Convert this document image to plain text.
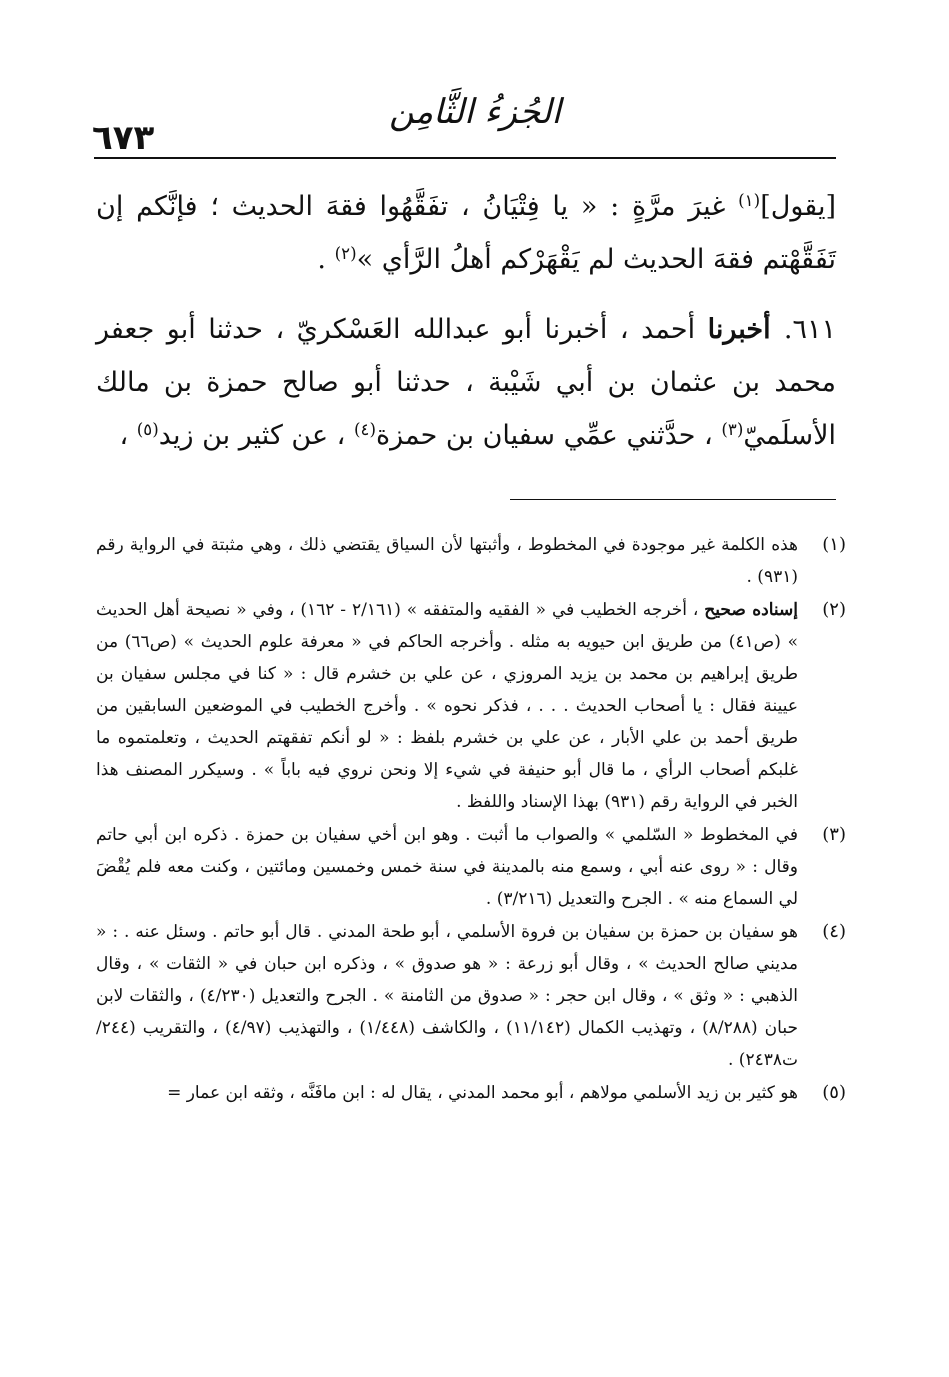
الجُزءُ الثَّامِن
٦٧٣

[يقول]$^{(١)}$ غيرَ مرَّةٍ : « يا فِتْيَانُ ، تفَقَّهُوا فقهَ الحديث ؛ فإنَّكم إن تَفَقَّهْتم فقهَ الحديث لم يَقْهَرْكم أهلُ الرَّأي »$^{(٢)}$ .

٦١١. أخبرنا أحمد ، أخبرنا أبو عبدالله العَسْكريّ ، حدثنا أبو جعفر محمد بن عثمان بن أبي شَيْبة ، حدثنا أبو صالح حمزة بن مالك الأسلَميّ$^{(٣)}$ ، حدَّثني عمِّي سفيان بن حمزة$^{(٤)}$ ، عن كثير بن زيد$^{(٥)}$ ،

(١)
هذه الكلمة غير موجودة في المخطوط ، وأثبتها لأن السياق يقتضي ذلك ، وهي مثبتة في الرواية رقم (٩٣١) .

(٢)
إسناده صحيح ، أخرجه الخطيب في « الفقيه والمتفقه » (٢/١٦١ - ١٦٢) ، وفي « نصيحة أهل الحديث » (ص٤١) من طريق ابن حيويه به مثله . وأخرجه الحاكم في « معرفة علوم الحديث » (ص٦٦) من طريق إبراهيم بن محمد بن يزيد المروزي ، عن علي بن خشرم قال : « كنا في مجلس سفيان بن عيينة فقال : يا أصحاب الحديث . . . ، فذكر نحوه » . وأخرج الخطيب في الموضعين السابقين من طريق أحمد بن علي الأبار ، عن علي بن خشرم بلفظ : « لو أنكم تفقهتم الحديث ، وتعلمتموه ما غلبكم أصحاب الرأي ، ما قال أبو حنيفة في شيء إلا ونحن نروي فيه باباً » . وسيكرر المصنف هذا الخبر في الرواية رقم (٩٣١) بهذا الإسناد واللفظ .

(٣)
في المخطوط « السّلمي » والصواب ما أثبت . وهو ابن أخي سفيان بن حمزة . ذكره ابن أبي حاتم وقال : « روى عنه أبي ، وسمع منه بالمدينة في سنة خمس وخمسين ومائتين ، وكنت معه فلم يُقْضَ لي السماع منه » . الجرح والتعديل (٣/٢١٦) .

(٤)
هو سفيان بن حمزة بن سفيان بن فروة الأسلمي ، أبو طحة المدني . قال أبو حاتم . وسئل عنه . : « مديني صالح الحديث » ، وقال أبو زرعة : « هو صدوق » ، وذكره ابن حبان في « الثقات » ، وقال الذهبي : « وثق » ، وقال ابن حجر : « صدوق من الثامنة » . الجرح والتعديل (٤/٢٣٠) ، والثقات لابن حبان (٨/٢٨٨) ، وتهذيب الكمال (١١/١٤٢) ، والكاشف (١/٤٤٨) ، والتهذيب (٤/٩٧) ، والتقريب (٢٤٤/ت٢٤٣٨) .

(٥)
هو كثير بن زيد الأسلمي مولاهم ، أبو محمد المدني ، يقال له : ابن مافَنَّه ، وثقه ابن عمار =
